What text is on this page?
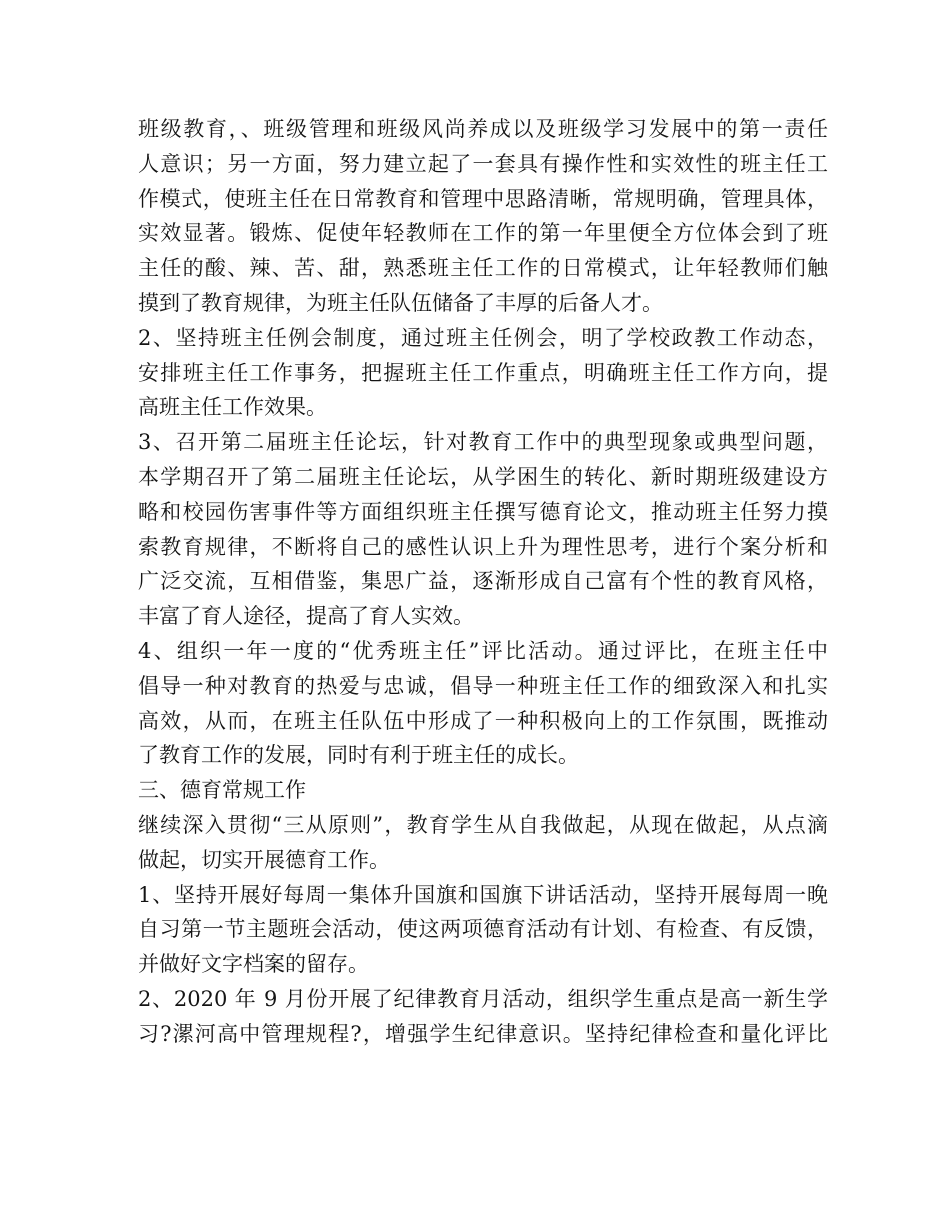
班级教育，、班级管理和班级风尚养成以及班级学习发展中的第一责任
人意识；另一方面，努力建立起了一套具有操作性和实效性的班主任工
作模式，使班主任在日常教育和管理中思路清晰，常规明确，管理具体，
实效显著。锻炼、促使年轻教师在工作的第一年里便全方位体会到了班
主任的酸、辣、苦、甜，熟悉班主任工作的日常模式，让年轻教师们触
摸到了教育规律，为班主任队伍储备了丰厚的后备人才。
2、坚持班主任例会制度，通过班主任例会，明了学校政教工作动态，
安排班主任工作事务，把握班主任工作重点，明确班主任工作方向，提
高班主任工作效果。
3、召开第二届班主任论坛，针对教育工作中的典型现象或典型问题，
本学期召开了第二届班主任论坛，从学困生的转化、新时期班级建设方
略和校园伤害事件等方面组织班主任撰写德育论文，推动班主任努力摸
索教育规律，不断将自己的感性认识上升为理性思考，进行个案分析和
广泛交流，互相借鉴，集思广益，逐渐形成自己富有个性的教育风格，
丰富了育人途径，提高了育人实效。
4、组织一年一度的“优秀班主任”评比活动。通过评比，在班主任中
倡导一种对教育的热爱与忠诚，倡导一种班主任工作的细致深入和扎实
高效，从而，在班主任队伍中形成了一种积极向上的工作氛围，既推动
了教育工作的发展，同时有利于班主任的成长。
三、德育常规工作
继续深入贯彻“三从原则”，教育学生从自我做起，从现在做起，从点滴
做起，切实开展德育工作。
1、坚持开展好每周一集体升国旗和国旗下讲话活动，坚持开展每周一晚
自习第一节主题班会活动，使这两项德育活动有计划、有检查、有反馈，
并做好文字档案的留存。
2、2020 年 9 月份开展了纪律教育月活动，组织学生重点是高一新生学
习?漯河高中管理规程?，增强学生纪律意识。坚持纪律检查和量化评比
